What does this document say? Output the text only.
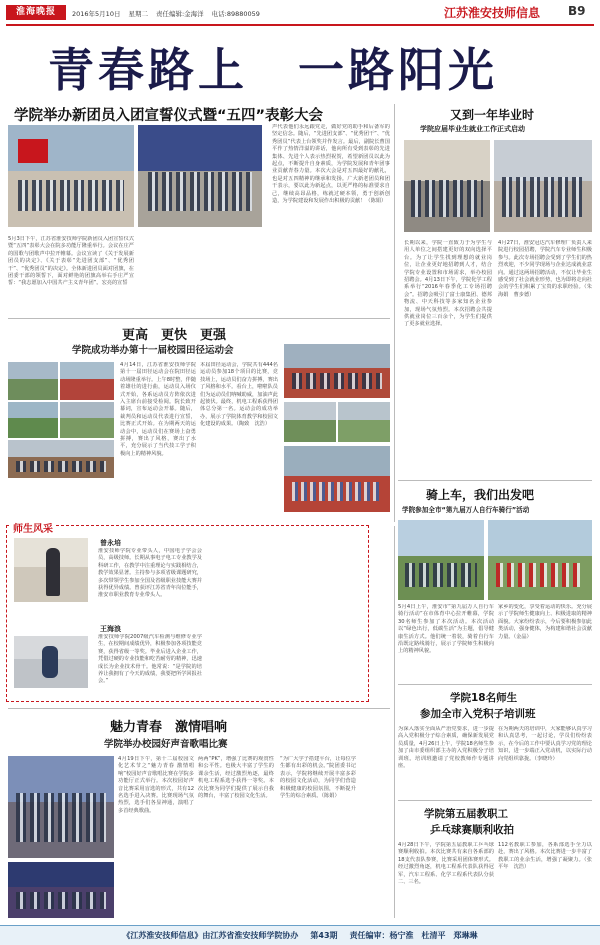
淮海晚报	2016年5月10日 星期二 责任编辑:金海洋 电话:89880059	江苏淮安技师信息 B9
青春路上　一路阳光
学院举办新团员入团宣誓仪式暨“五四”表彰大会
5月3日下午，江苏省淮安技师学院新团员入团宣誓仪式暨“五四”表彰大会在院多功能厅隆重举行。会议在庄严的国歌与团歌声中拉开帷幕。会议宣读了《关于发展新团员的决定》、《关于表彰“先进团支部”、“优秀团干”、“优秀团员”的决定》。全体新进团员面对团旗，在团委干部的领誓下，面对鲜艳的团旗高举右手庄严宣誓：“我志愿加入中国共产主义青年团”。宏亮的宣誓
声代表他们永远跟党走，做好党的助手和后备军的坚定信念。随后，“先进团支部”、“优秀团干”、“优秀团员”代表上台领奖并作发言。最后，副院长曹国平作了热情洋溢的讲话，他向所有受到表彰的先进集体、先进个人表示热烈祝贺，希望新团员以此为起点，不断提升自身素质，为学院发展和青年团事业贡献青春力量。本次大会是对五四最好的献礼，也是对五四精神的继承和发扬。广大新老团员和团干表示，要以此为新起点，以更严格的标准要求自己，继续高昂品格，练就过硬本领，勇于创新创造，为学院建设和发展作出积极的贡献！（陈娟）
又到一年毕业时
学院应届毕业生就业工作正式启动
长期以来，学院一直致力于为学生与用人单位之间搭建更好的双向选择平台。为了让学生找到理想的就业岗位，让企业更好地招聘到人才，结合学院专业设置和市场需求，举办校园招聘会。4月13日下午，学院化学工程系举行“2016年春季化工专场招聘会”。招聘会吸引了富士康集团、德邦物流、中天科技等多家知名企业参加，现场气氛热烈。本次招聘会共提供就业岗位三百余个，为学生们提供了更多就业选择。
4月27日，淮安冠达汽车修理厂负责人来院进行校园招聘，学院汽车专业师生积极参与。此次专场招聘会受到了学生们的热烈欢迎，不少同学现场与企业达成就业意向。通过这两场招聘活动，不仅让毕业生感受到了社会就业形势，也为即将走向社会的学生们积累了宝贵的求职经验。（朱海娟　曹步德）
更高　更快　更强
学院成功举办第十一届校园田径运动会
4月14日，江苏省淮安技师学院第十一届田径运动会在院田径运动场隆重举行。上午8时整，伴随着雄壮的进行曲，运动员入场仪式开始，各系运动员方阵依次进入主席台前接受检阅。院长致开幕词，宣布运动会开幕。随后，裁判员和运动员代表进行宣誓，比赛正式开始。在为期两天的运动会中，运动员们在赛场上奋勇拼搏，赛出了风格，赛出了水平，充分展示了当代技工学子积极向上的精神风貌。
本届田径运动会，学院共有444名运动员参加18个项目的比赛，竞技场上，运动员们奋力拼搏，赛出了风格和水平。看台上，啦啦队员们为运动员们呐喊助威，加油声此起彼伏。最终，机电工程系获得团体总分第一名。运动会的成功举办，展示了学院体育教学和校园文化建设的成果。（陶致　沈浩）
师生风采
曾永培
淮安技师学院专业带头人，中国电子学会会员，高级技师。长期从事电子电工专业教学及科研工作，在教学中注重理论与实践相结合，教学效果显著。主持参与多项省级课题研究，多次带领学生参加全国及省级职业技能大赛并获得优异成绩。曾获评江苏省青年岗位能手，淮安市职业教育专业带头人。
王海浪
淮安技师学院2007级汽车检测与维修专业学生，在校期间成绩优异，积极参加各项技能竞赛，获得省级一等奖。毕业后进入企业工作，凭借过硬的专业技能和吃苦耐劳的精神，迅速成长为企业技术骨干。他常说：“是学院的培养让我拥有了今天的成绩，我要把所学回报社会。”
骑上车，我们出发吧
学院参加全市“第九届万人自行车骑行”活动
5月4日上午，淮安市“第九届万人自行车骑行活动”在市体育中心拉开帷幕，学院30名师生参加了本次活动。本次活动以“绿色出行，低碳生活”为主题，倡导健康生活方式。他们统一着装，骑着自行车沿既定路线骑行，展示了学院师生积极向上的精神风貌。
家乡的变化，享受着运动的快乐。充分展示了学院师生健康向上、积极进取的精神面貌。大家纷纷表示，今后要积极参加此类活动，强身健体，为构建和谐社会贡献力量。（金晶）
学院18名师生
参加全市入党积子培训班
为深入落实全面从严治党要求，进一步提高入党积极分子综合素质，确保新发展党员质量，4月26日上午，学院18名师生参加了由市委组织部主办的入党积极分子培训班。培训班邀请了党校教师作专题讲座。
在为期两天的培训中，大家能够认真学习和认真思考，一起讨论，学员们纷纷表示，在今后的工作中要认真学习党的理论知识，进一步端正入党动机，以实际行动向党组织靠拢。（李晓玲）
魅力青春　激情唱响
学院举办校园好声音歌唱比赛
4月19日下午，第十二届校园文化艺术节之“魅力青春 激情唱响”校园好声音歌唱比赛在学院多功能厅正式举行。本次校园好声音比赛采用盲选的形式，共有12名选手进入决赛。比赛现场气氛热烈，选手们各显神通，演唱了多首经典歌曲。
两两“PK”，增强了比赛的观赏性和公平性。也极大丰富了学生的课余生活，经过激烈角逐，最终机电工程系选手获得一等奖。本次比赛为同学们提供了展示自我的舞台，丰富了校园文化生活。
“为广大学子搭建平台，让每位学生都有出彩的机会。”院团委书记表示，学院将继续开展丰富多彩的校园文化活动，为同学们营造积极健康的校园氛围，不断提升学生的综合素质。（陈娟）
学院第五届教职工
乒乓球赛顺利收拍
4月28日下午，学院第五届教职工乒乓球赛顺利收拍。本次比赛共有来自各系部的18支代表队参赛，比赛采用团体赛形式。经过激烈角逐，机电工程系代表队获得冠军，汽车工程系、化学工程系代表队分获二、三名。
112名教职工参加，各系部选手全力以赴，赛出了风格。本次比赛进一步丰富了教职工的业余生活，增强了凝聚力。（张平年　沈浩）
《江苏淮安技师信息》由江苏省淮安技师学院协办 第43期 责任编审：杨宁淮　杜清平　郑琳琳
